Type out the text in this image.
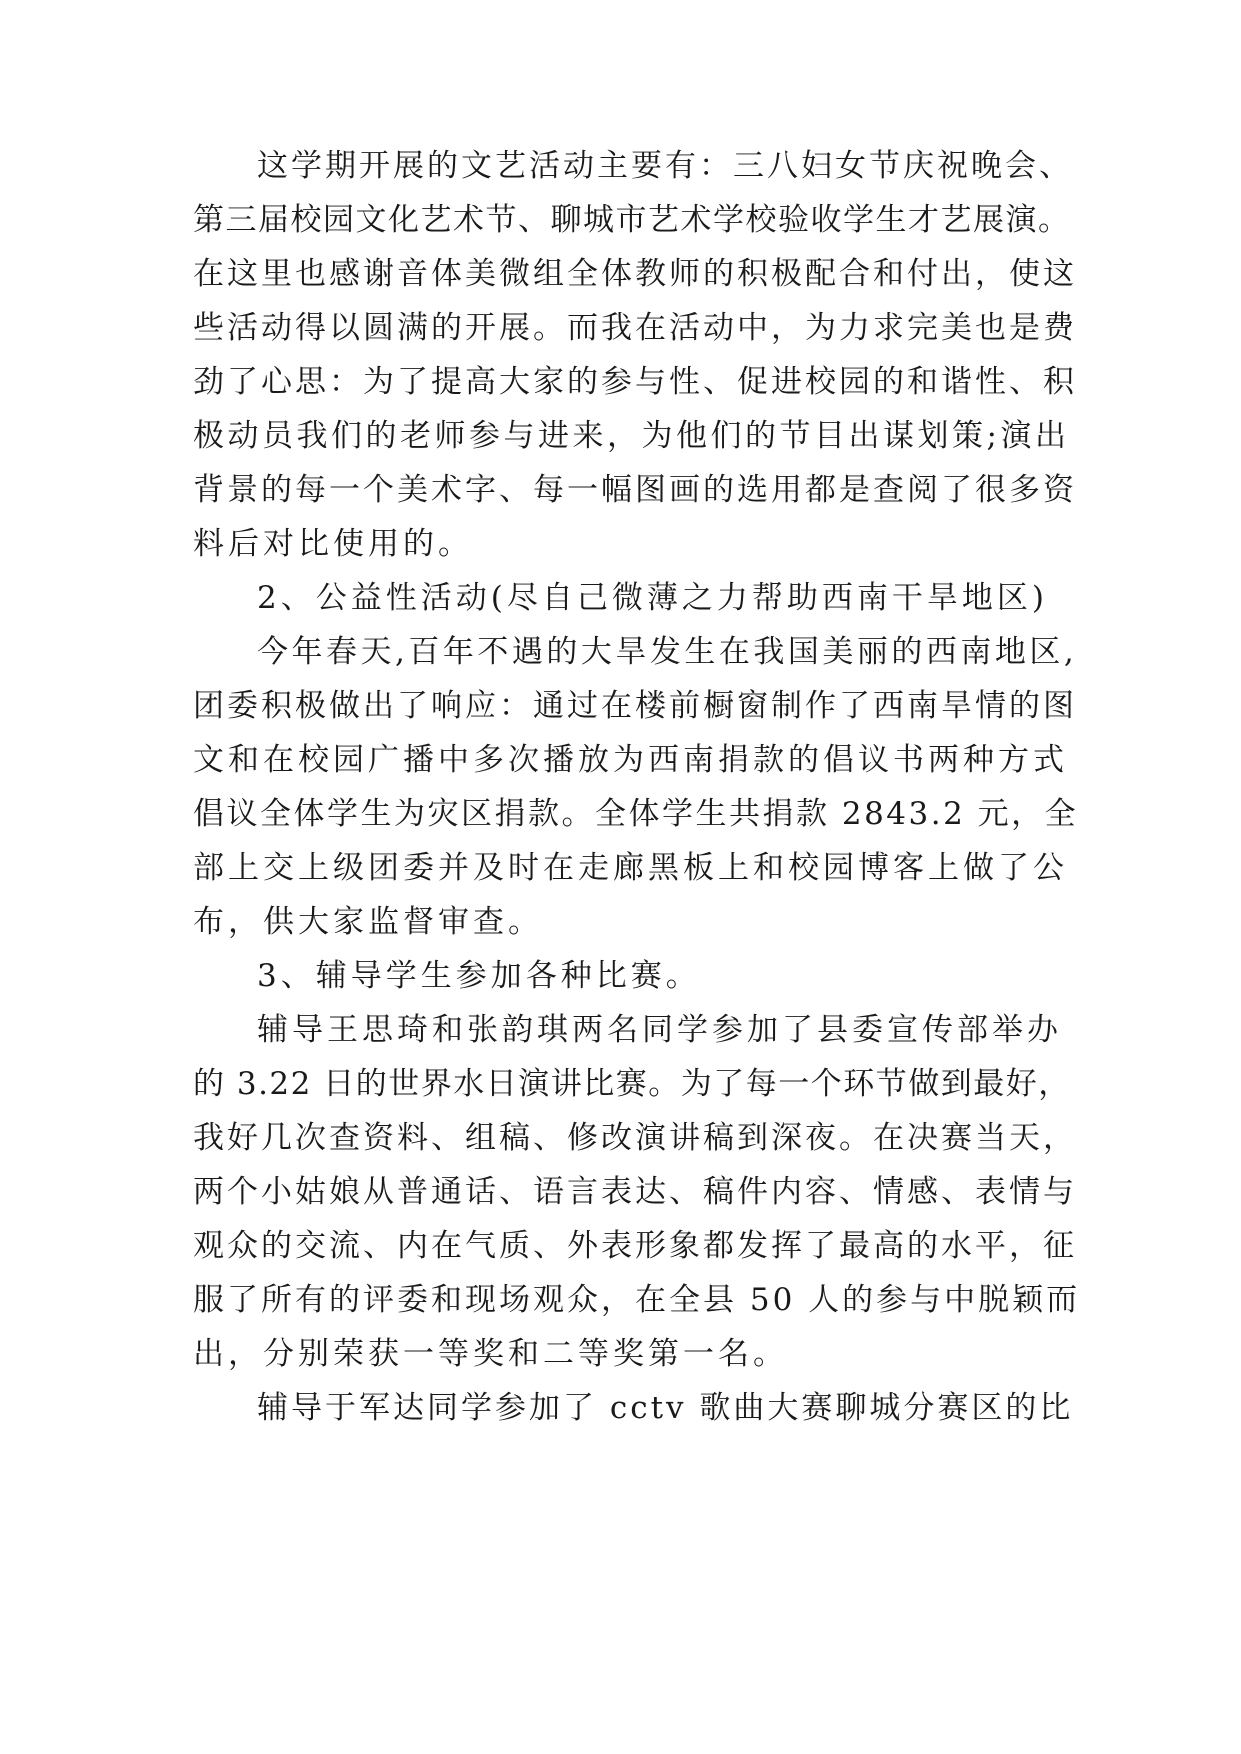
这学期开展的文艺活动主要有：三八妇女节庆祝晚会、
第三届校园文化艺术节、聊城市艺术学校验收学生才艺展演。
在这里也感谢音体美微组全体教师的积极配合和付出，使这
些活动得以圆满的开展。而我在活动中，为力求完美也是费
劲了心思：为了提高大家的参与性、促进校园的和谐性、积
极动员我们的老师参与进来，为他们的节目出谋划策;演出
背景的每一个美术字、每一幅图画的选用都是查阅了很多资
料后对比使用的。
2、公益性活动(尽自己微薄之力帮助西南干旱地区)
今年春天,百年不遇的大旱发生在我国美丽的西南地区,
团委积极做出了响应：通过在楼前橱窗制作了西南旱情的图
文和在校园广播中多次播放为西南捐款的倡议书两种方式
倡议全体学生为灾区捐款。全体学生共捐款 2843.2 元，全
部上交上级团委并及时在走廊黑板上和校园博客上做了公
布，供大家监督审查。
3、辅导学生参加各种比赛。
辅导王思琦和张韵琪两名同学参加了县委宣传部举办
的 3.22 日的世界水日演讲比赛。为了每一个环节做到最好，
我好几次查资料、组稿、修改演讲稿到深夜。在决赛当天，
两个小姑娘从普通话、语言表达、稿件内容、情感、表情与
观众的交流、内在气质、外表形象都发挥了最高的水平，征
服了所有的评委和现场观众，在全县 50 人的参与中脱颖而
出，分别荣获一等奖和二等奖第一名。
辅导于军达同学参加了 cctv 歌曲大赛聊城分赛区的比
